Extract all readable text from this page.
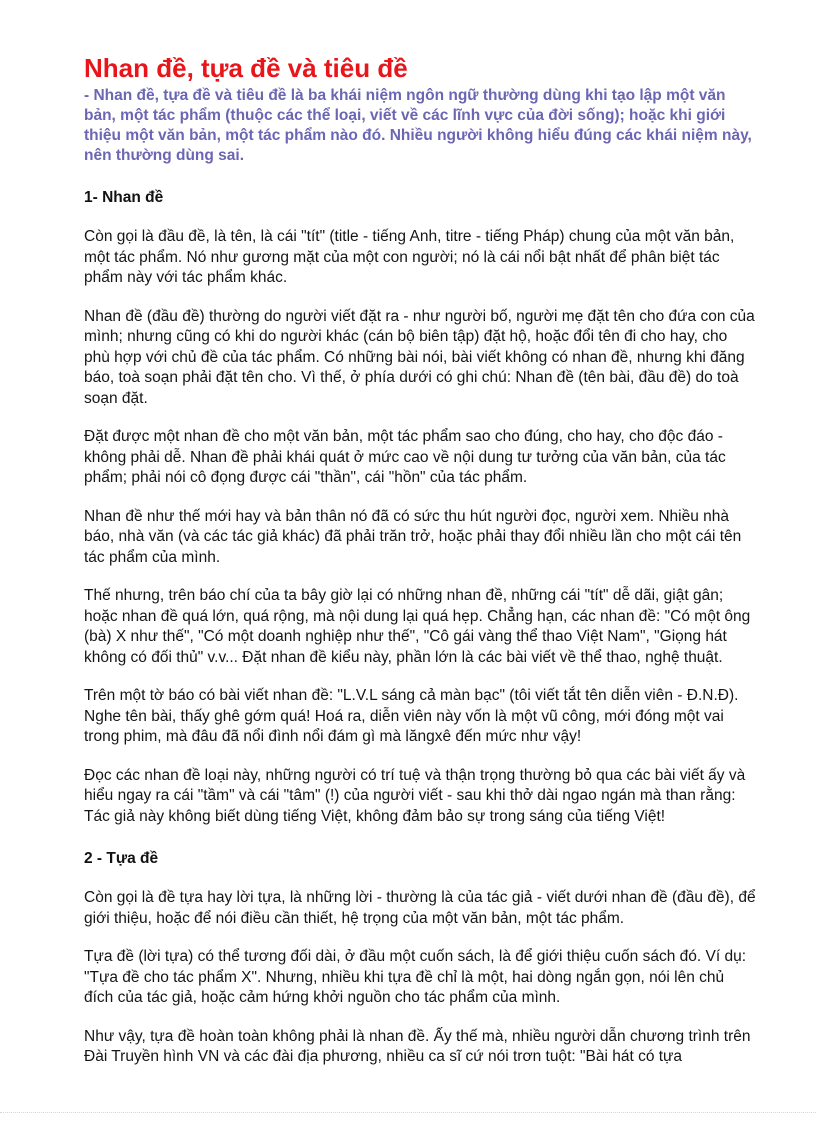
Nhan đề, tựa đề và tiêu đề

- Nhan đề, tựa đề và tiêu đề là ba khái niệm ngôn ngữ thường dùng khi tạo lập một văn bản, một tác phẩm (thuộc các thể loại, viết về các lĩnh vực của đời sống); hoặc khi giới thiệu một văn bản, một tác phẩm nào đó. Nhiều người không hiểu đúng các khái niệm này, nên thường dùng sai.

1- Nhan đề

Còn gọi là đầu đề, là tên, là cái "tít" (title - tiếng Anh, titre - tiếng Pháp) chung của một văn bản, một tác phẩm. Nó như gương mặt của một con người; nó là cái nổi bật nhất để phân biệt tác phẩm này với tác phẩm khác.

Nhan đề (đầu đề) thường do người viết đặt ra - như người bố, người mẹ đặt tên cho đứa con của mình; nhưng cũng có khi do người khác (cán bộ biên tập) đặt hộ, hoặc đổi tên đi cho hay, cho phù hợp với chủ đề của tác phẩm. Có những bài nói, bài viết không có nhan đề, nhưng khi đăng báo, toà soạn phải đặt tên cho. Vì thế, ở phía dưới có ghi chú: Nhan đề (tên bài, đầu đề) do toà soạn đặt.

Đặt được một nhan đề cho một văn bản, một tác phẩm sao cho đúng, cho hay, cho độc đáo - không phải dễ. Nhan đề phải khái quát ở mức cao về nội dung tư tưởng của văn bản, của tác phẩm; phải nói cô đọng được cái "thần", cái "hồn" của tác phẩm.

Nhan đề như thế mới hay và bản thân nó đã có sức thu hút người đọc, người xem. Nhiều nhà báo, nhà văn (và các tác giả khác) đã phải trăn trở, hoặc phải thay đổi nhiều lần cho một cái tên tác phẩm của mình.

Thế nhưng, trên báo chí của ta bây giờ lại có những nhan đề, những cái "tít" dễ dãi, giật gân; hoặc nhan đề quá lớn, quá rộng, mà nội dung lại quá hẹp. Chẳng hạn, các nhan đề: "Có một ông (bà) X như thế", "Có một doanh nghiệp như thế", "Cô gái vàng thể thao Việt Nam", "Giọng hát không có đối thủ" v.v... Đặt nhan đề kiểu này, phần lớn là các bài viết về thể thao, nghệ thuật.

Trên một tờ báo có bài viết nhan đề: "L.V.L sáng cả màn bạc" (tôi viết tắt tên diễn viên - Đ.N.Đ). Nghe tên bài, thấy ghê gớm quá! Hoá ra, diễn viên này vốn là một vũ công, mới đóng một vai trong phim, mà đâu đã nổi đình nổi đám gì mà lăngxê đến mức như vậy!

Đọc các nhan đề loại này, những người có trí tuệ và thận trọng thường bỏ qua các bài viết ấy và hiểu ngay ra cái "tầm" và cái "tâm" (!) của người viết - sau khi thở dài ngao ngán mà than rằng: Tác giả này không biết dùng tiếng Việt, không đảm bảo sự trong sáng của tiếng Việt!

2 - Tựa đề

Còn gọi là đề tựa hay lời tựa, là những lời - thường là của tác giả - viết dưới nhan đề (đầu đề), để giới thiệu, hoặc để nói điều cần thiết, hệ trọng của một văn bản, một tác phẩm.

Tựa đề (lời tựa) có thể tương đối dài, ở đầu một cuốn sách, là để giới thiệu cuốn sách đó. Ví dụ: "Tựa đề cho tác phẩm X". Nhưng, nhiều khi tựa đề chỉ là một, hai dòng ngắn gọn, nói lên chủ đích của tác giả, hoặc cảm hứng khởi nguồn cho tác phẩm của mình.

Như vậy, tựa đề hoàn toàn không phải là nhan đề. Ấy thế mà, nhiều người dẫn chương trình trên Đài Truyền hình VN và các đài địa phương, nhiều ca sĩ cứ nói trơn tuột: "Bài hát có tựa
